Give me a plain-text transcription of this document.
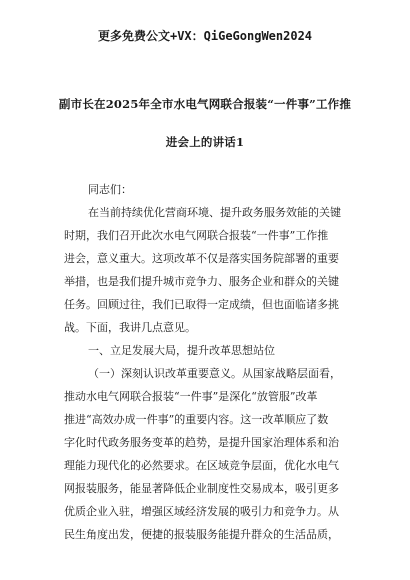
更多免费公文+VX：QiGeGongWen2024
副市长在2025年全市水电气网联合报装“一件事”工作推
进会上的讲话1
同志们：
在当前持续优化营商环境、提升政务服务效能的关键
时期，我们召开此次水电气网联合报装“一件事”工作推
进会，意义重大。这项改革不仅是落实国务院部署的重要
举措，也是我们提升城市竞争力、服务企业和群众的关键
任务。回顾过往，我们已取得一定成绩，但也面临诸多挑
战。下面，我讲几点意见。
一、立足发展大局，提升改革思想站位
（一）深刻认识改革重要意义。从国家战略层面看，
推动水电气网联合报装“一件事”是深化“放管服”改革
推进“高效办成一件事”的重要内容。这一改革顺应了数
字化时代政务服务变革的趋势，是提升国家治理体系和治
理能力现代化的必然要求。在区域竞争层面，优化水电气
网报装服务，能显著降低企业制度性交易成本，吸引更多
优质企业入驻，增强区域经济发展的吸引力和竞争力。从
民生角度出发，便捷的报装服务能提升群众的生活品质，
